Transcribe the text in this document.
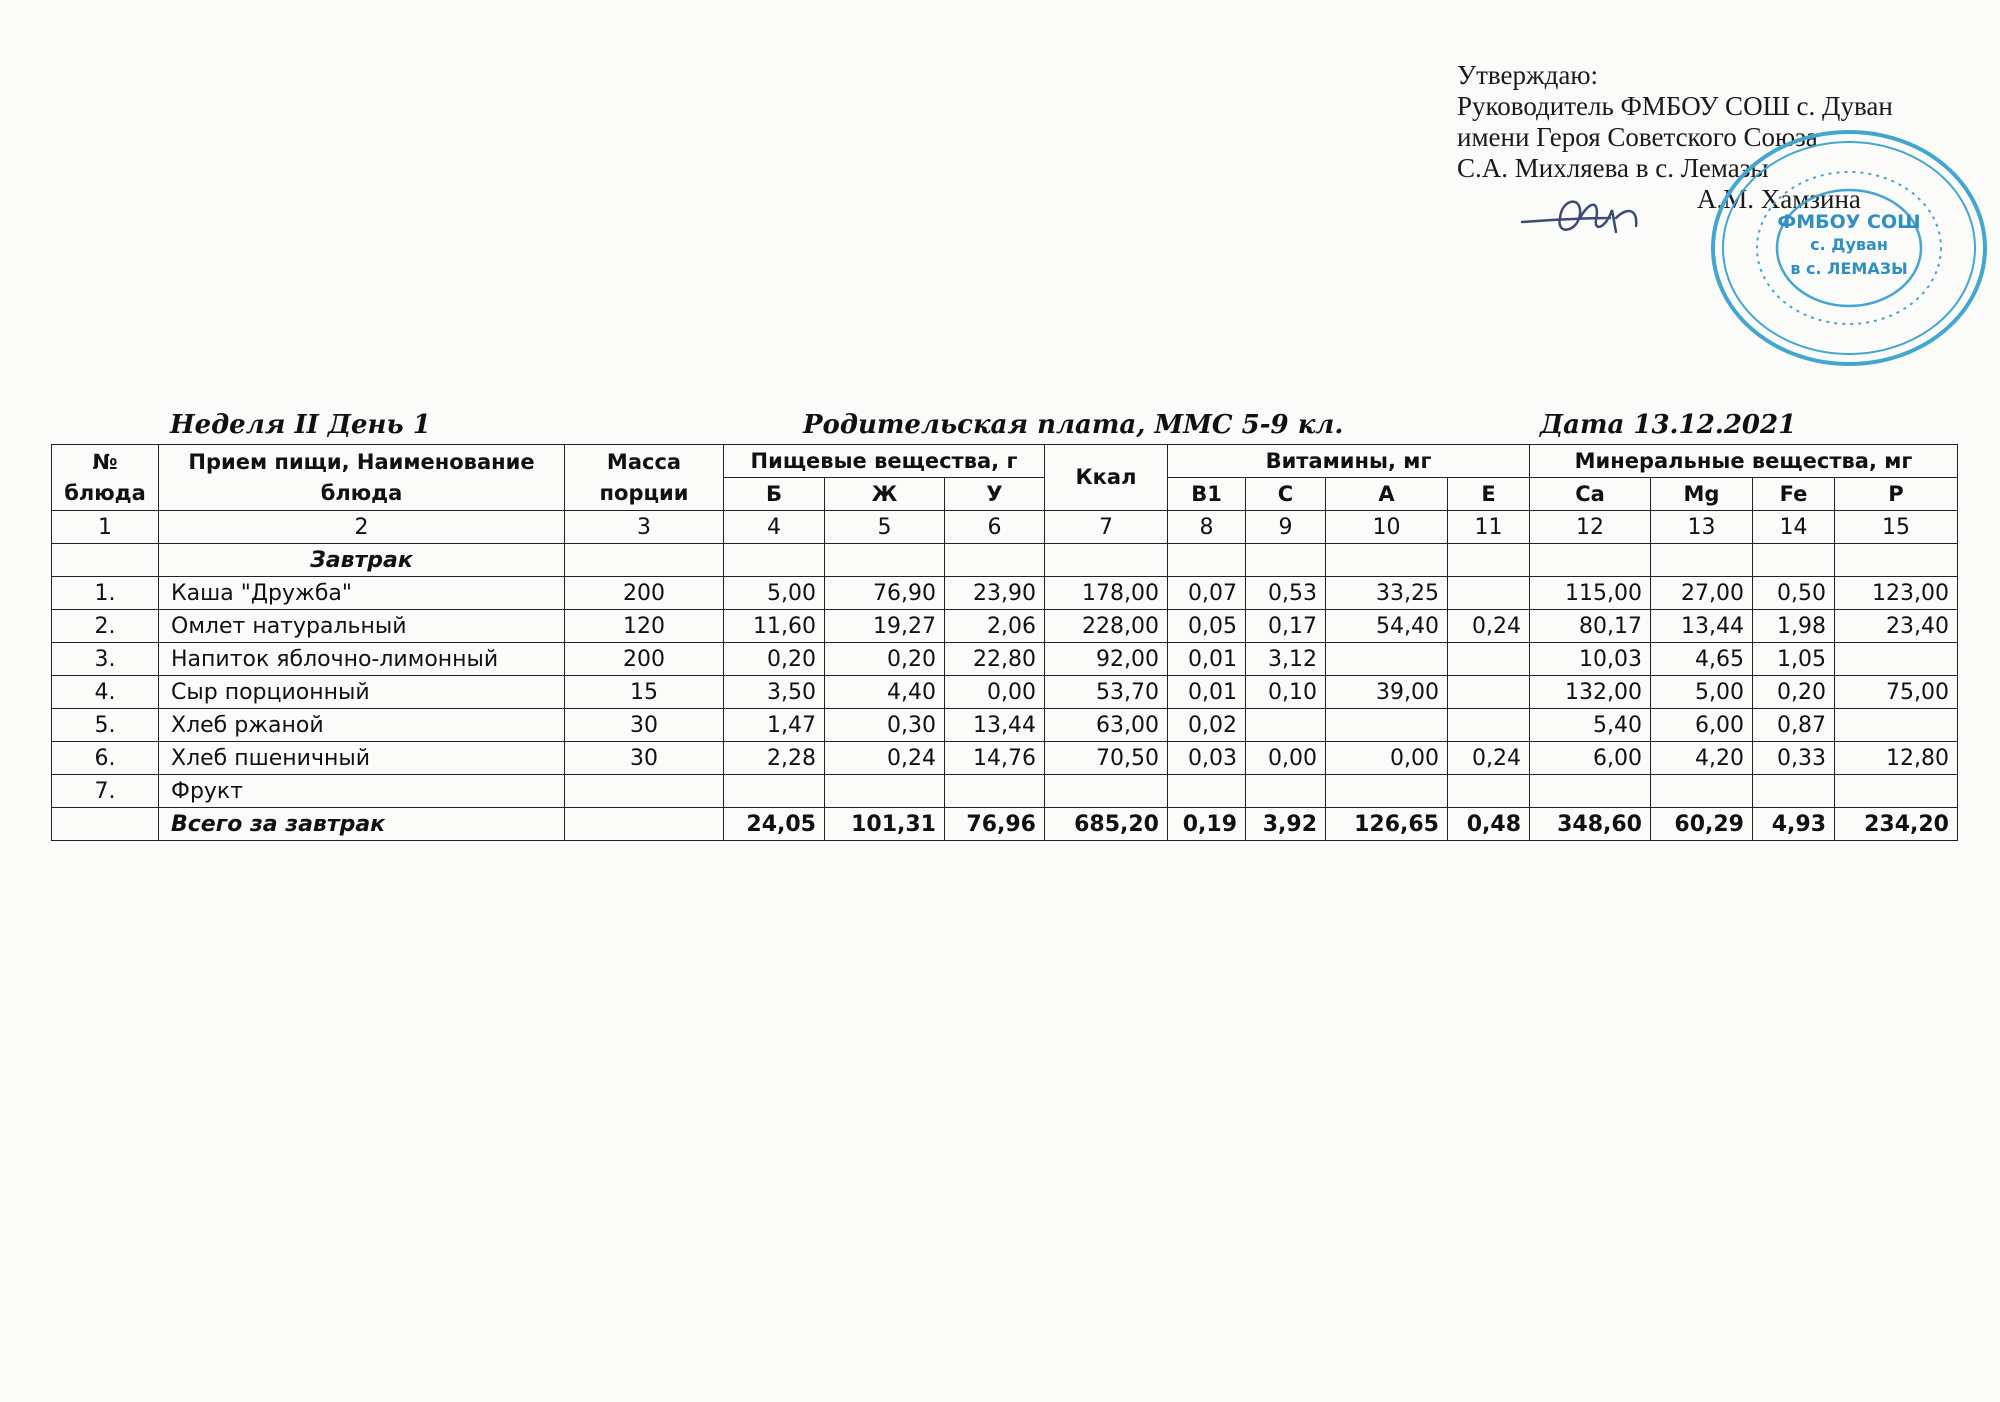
Утверждаю:
Руководитель ФМБОУ СОШ с. Дуван
имени Героя Советского Союза
С.А. Михляева в с. Лемазы
А.М. Хамзина
ФМБОУ СОШ
с. Дуван
в с. ЛЕМАЗЫ
Неделя II День 1	Родительская плата, ММС 5-9 кл.	Дата 13.12.2021
№ блюда	Прием пищи, Наименование блюда	Масса порции	Пищевые вещества, г			Ккал	Витамины, мг				Минеральные вещества, мг			
			Б	Ж	У		В1	С	А	Е	Ca	Mg	Fe	P
1	2	3	4	5	6	7	8	9	10	11	12	13	14	15
	Завтрак													
1.	Каша "Дружба"	200	5,00	76,90	23,90	178,00	0,07	0,53	33,25		115,00	27,00	0,50	123,00
2.	Омлет натуральный	120	11,60	19,27	2,06	228,00	0,05	0,17	54,40	0,24	80,17	13,44	1,98	23,40
3.	Напиток яблочно-лимонный	200	0,20	0,20	22,80	92,00	0,01	3,12			10,03	4,65	1,05	
4.	Сыр порционный	15	3,50	4,40	0,00	53,70	0,01	0,10	39,00		132,00	5,00	0,20	75,00
5.	Хлеб ржаной	30	1,47	0,30	13,44	63,00	0,02				5,40	6,00	0,87	
6.	Хлеб пшеничный	30	2,28	0,24	14,76	70,50	0,03	0,00	0,00	0,24	6,00	4,20	0,33	12,80
7.	Фрукт													
	Всего за завтрак		24,05	101,31	76,96	685,20	0,19	3,92	126,65	0,48	348,60	60,29	4,93	234,20
